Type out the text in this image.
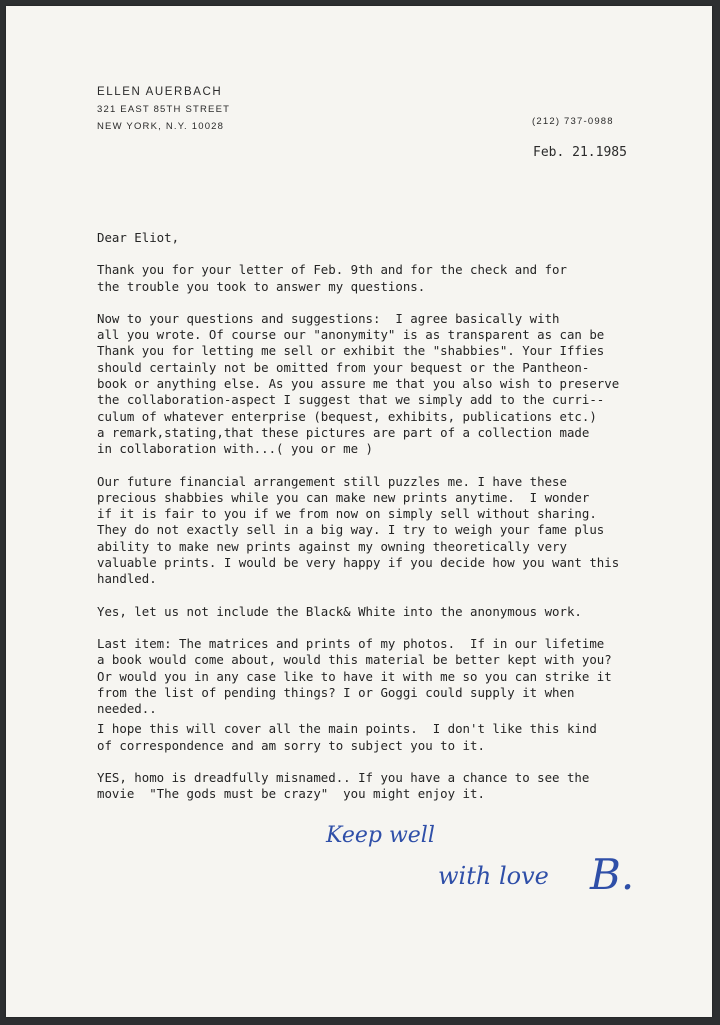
ELLEN AUERBACH
321 EAST 85TH STREET
NEW YORK, N.Y. 10028	(212) 737-0988
Feb. 21.1985

Dear Eliot,

Thank you for your letter of Feb. 9th and for the check and for

the trouble you took to answer my questions.

Now to your questions and suggestions:  I agree basically with

all you wrote. Of course our "anonymity" is as transparent as can be

Thank you for letting me sell or exhibit the "shabbies". Your Iffies

should certainly not be omitted from your bequest or the Pantheon-

book or anything else. As you assure me that you also wish to preserve

the collaboration-aspect I suggest that we simply add to the curri--

culum of whatever enterprise (bequest, exhibits, publications etc.)

a remark,stating,that these pictures are part of a collection made

in collaboration with...( you or me )

Our future financial arrangement still puzzles me. I have these

precious shabbies while you can make new prints anytime.  I wonder

if it is fair to you if we from now on simply sell without sharing.

They do not exactly sell in a big way. I try to weigh your fame plus

ability to make new prints against my owning theoretically very

valuable prints. I would be very happy if you decide how you want this

handled.

Yes, let us not include the Black& White into the anonymous work.

Last item: The matrices and prints of my photos.  If in our lifetime

a book would come about, would this material be better kept with you?

Or would you in any case like to have it with me so you can strike it

from the list of pending things? I or Goggi could supply it when

needed..

I hope this will cover all the main points.  I don't like this kind

of correspondence and am sorry to subject you to it.

YES, homo is dreadfully misnamed.. If you have a chance to see the

movie  "The gods must be crazy"  you might enjoy it.

Keep well
with love B.
